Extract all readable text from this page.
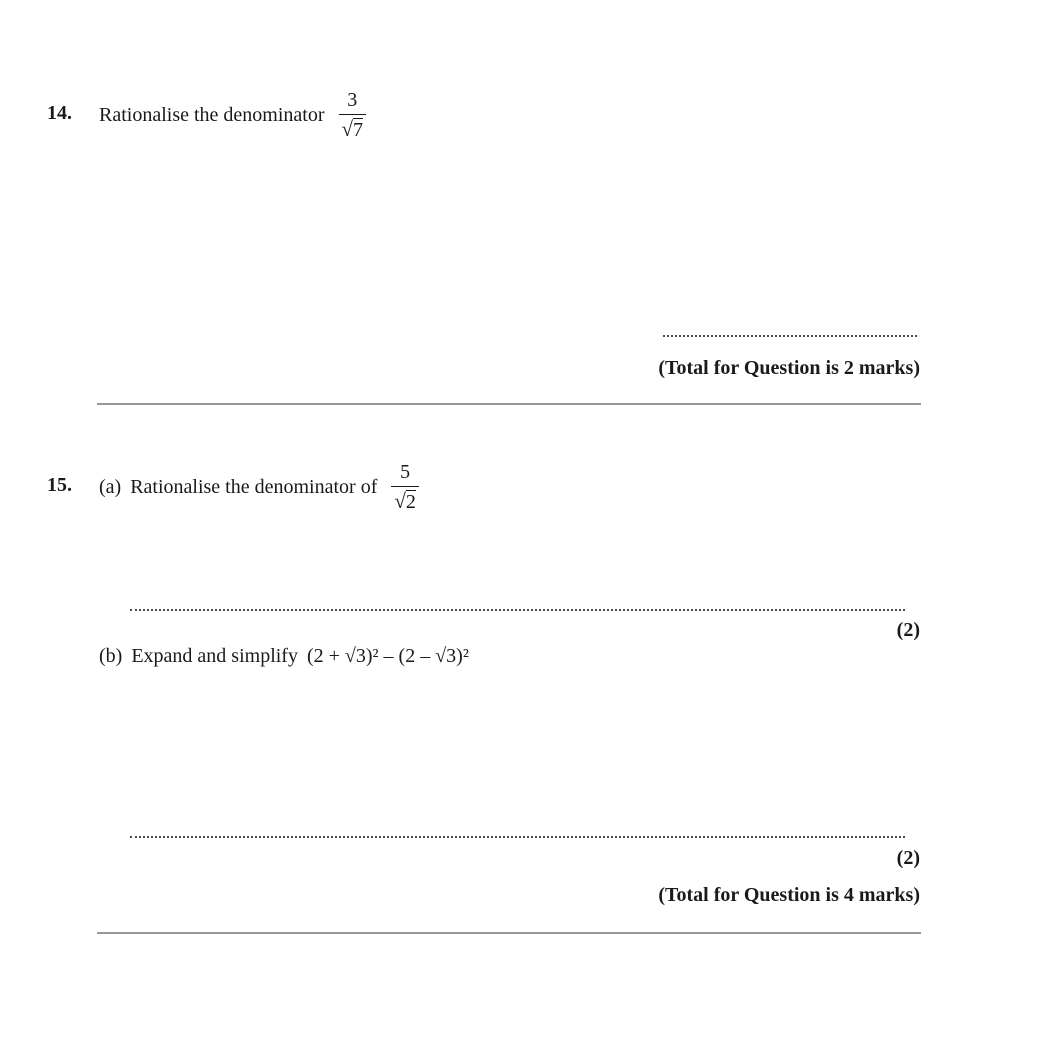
14. Rationalise the denominator $\frac{3}{√7}$
(Total for Question is 2 marks)
15. (a) Rationalise the denominator of $\frac{5}{√2}$
(2)
(b) Expand and simplify (2 + √3)² – (2 – √3)²
(2)
(Total for Question is 4 marks)
